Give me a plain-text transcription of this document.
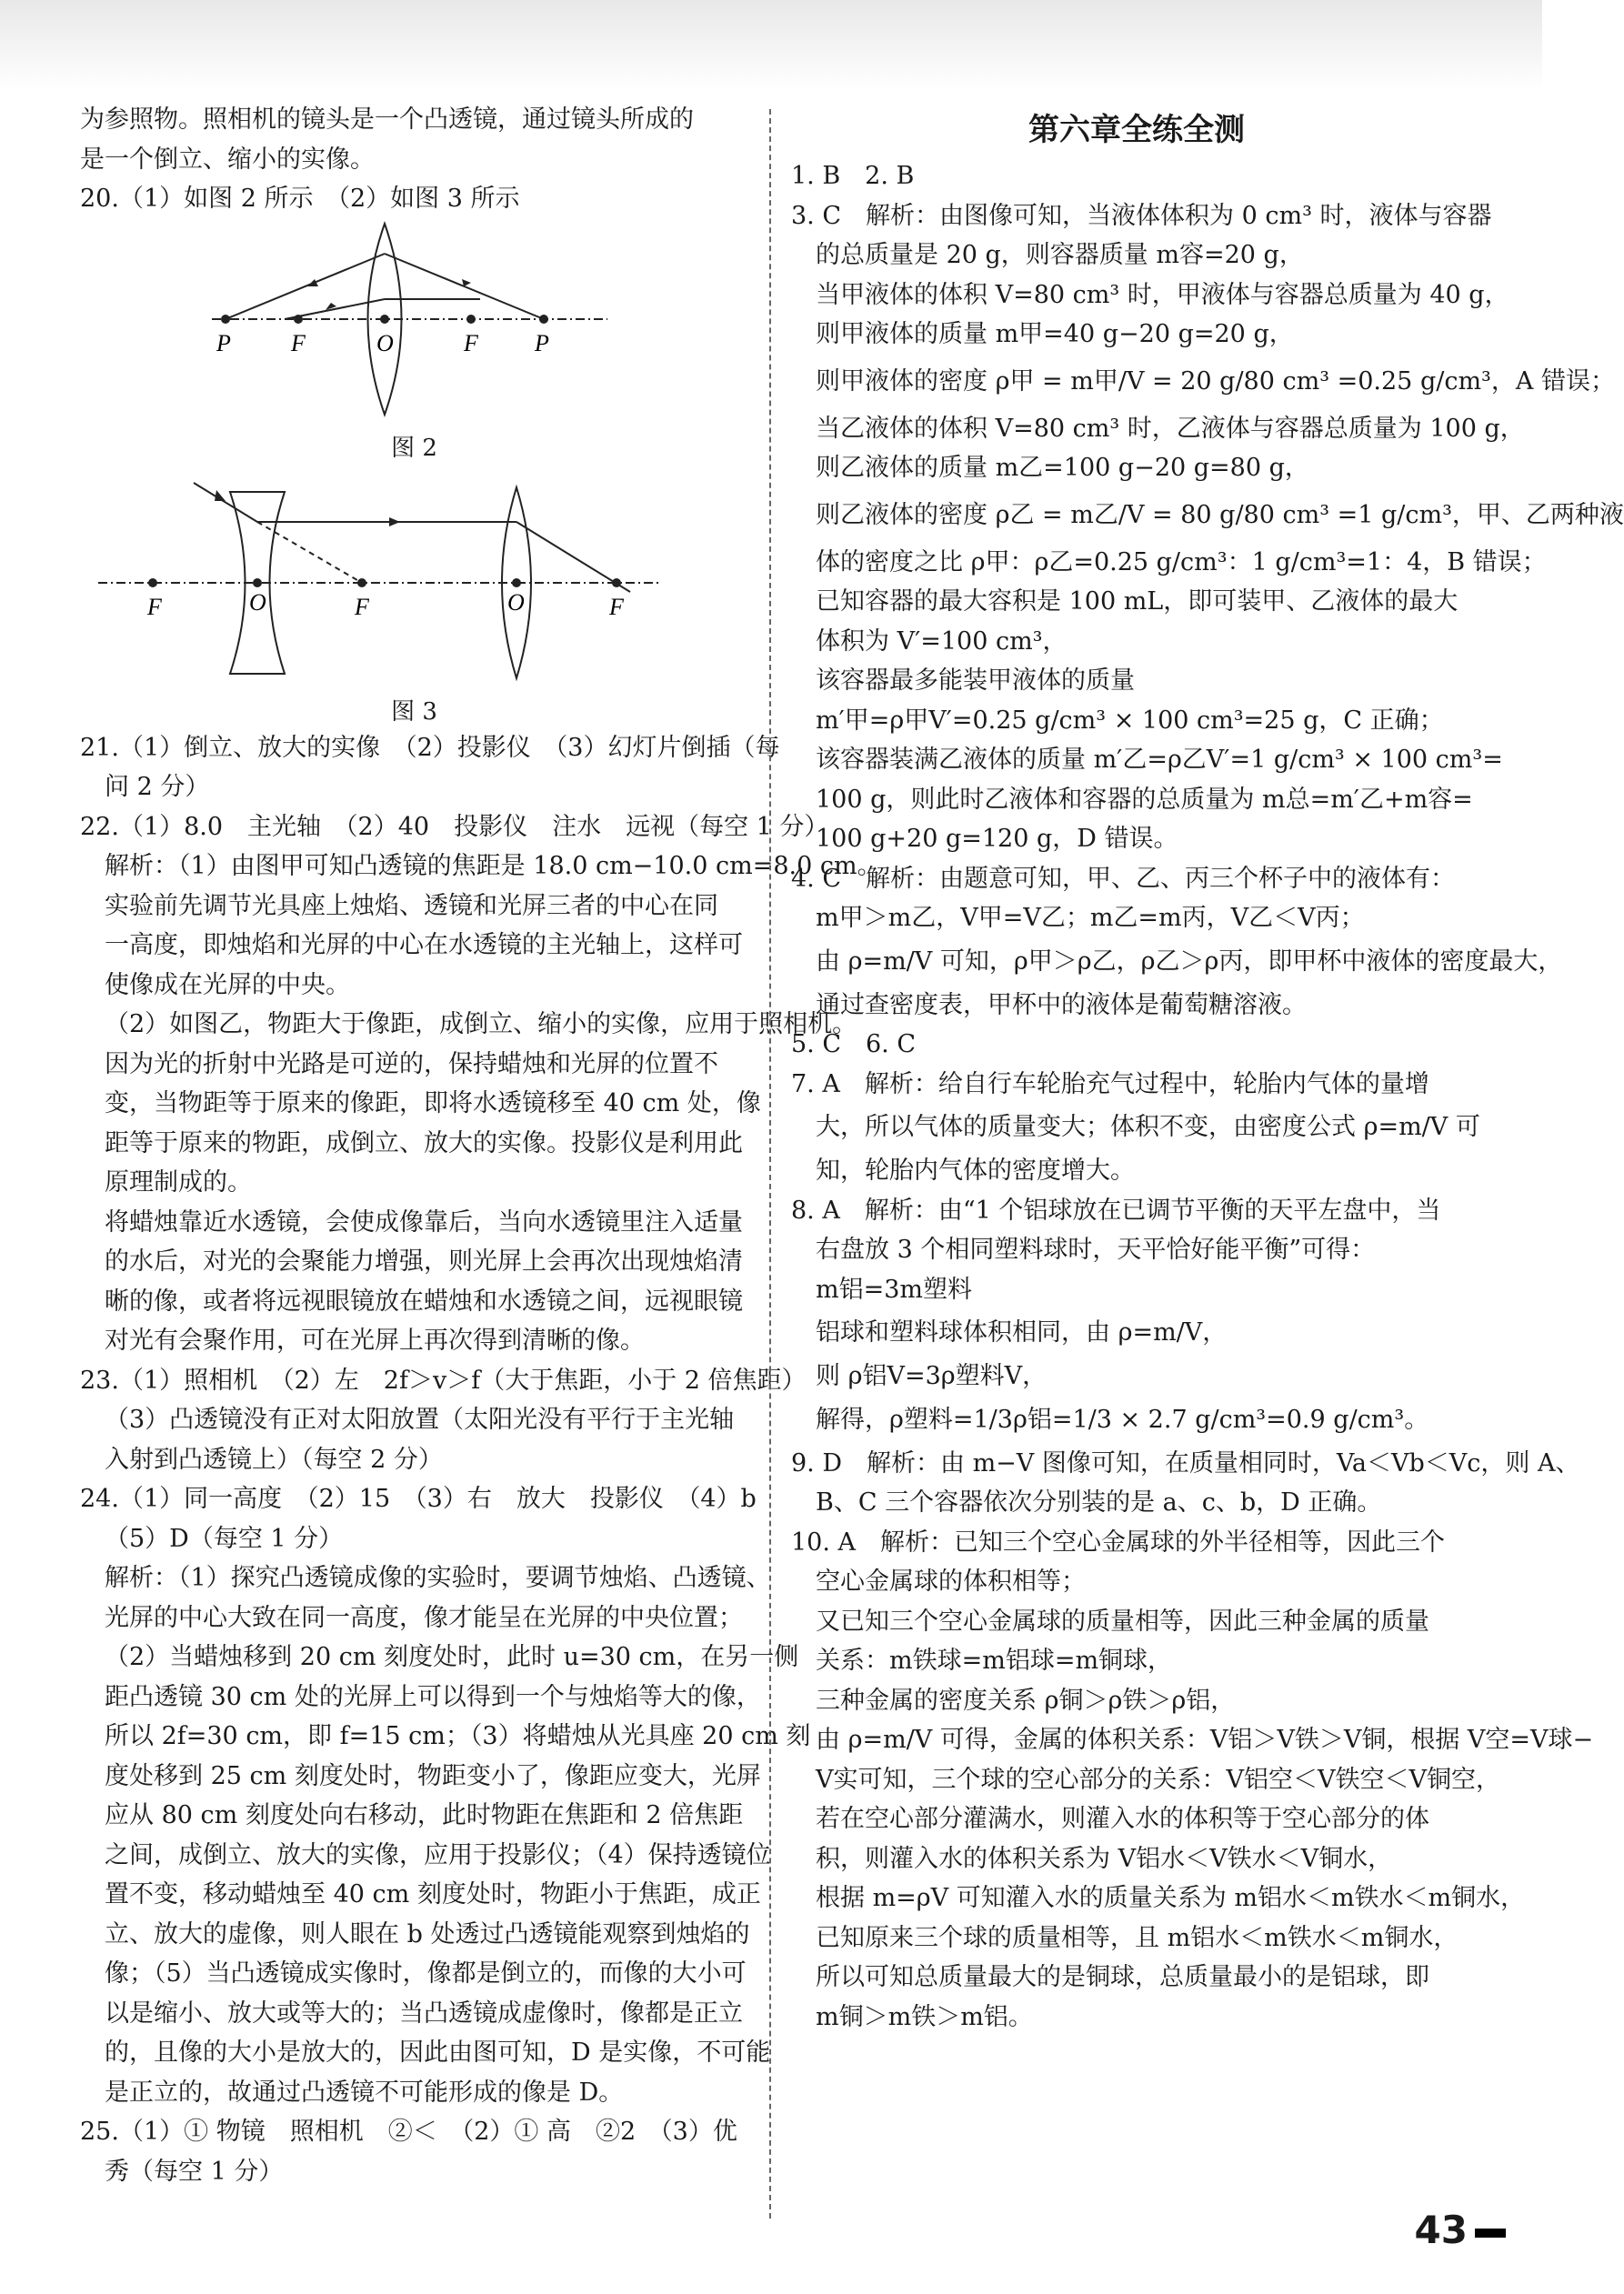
为参照物。照相机的镜头是一个凸透镜，通过镜头所成的

是一个倒立、缩小的实像。

20.（1）如图 2 所示　（2）如图 3 所示

P	F	O	F P
图 2
F	O	F	O	F
图 3

21.（1）倒立、放大的实像　（2）投影仪　（3）幻灯片倒插（每

问 2 分）

22.（1）8.0　主光轴　（2）40　投影仪　注水　远视（每空 1 分）

解析：（1）由图甲可知凸透镜的焦距是 18.0 cm−10.0 cm=8.0 cm。

实验前先调节光具座上烛焰、透镜和光屏三者的中心在同

一高度，即烛焰和光屏的中心在水透镜的主光轴上，这样可

使像成在光屏的中央。

（2）如图乙，物距大于像距，成倒立、缩小的实像，应用于照相机。

因为光的折射中光路是可逆的，保持蜡烛和光屏的位置不

变，当物距等于原来的像距，即将水透镜移至 40 cm 处，像

距等于原来的物距，成倒立、放大的实像。投影仪是利用此

原理制成的。

将蜡烛靠近水透镜，会使成像靠后，当向水透镜里注入适量

的水后，对光的会聚能力增强，则光屏上会再次出现烛焰清

晰的像，或者将远视眼镜放在蜡烛和水透镜之间，远视眼镜

对光有会聚作用，可在光屏上再次得到清晰的像。

23.（1）照相机　（2）左　2f＞v＞f（大于焦距，小于 2 倍焦距）

（3）凸透镜没有正对太阳放置（太阳光没有平行于主光轴

入射到凸透镜上）（每空 2 分）

24.（1）同一高度　（2）15　（3）右　放大　投影仪　（4）b

（5）D（每空 1 分）

解析：（1）探究凸透镜成像的实验时，要调节烛焰、凸透镜、

光屏的中心大致在同一高度，像才能呈在光屏的中央位置；

（2）当蜡烛移到 20 cm 刻度处时，此时 u=30 cm，在另一侧

距凸透镜 30 cm 处的光屏上可以得到一个与烛焰等大的像，

所以 2f=30 cm，即 f=15 cm；（3）将蜡烛从光具座 20 cm 刻

度处移到 25 cm 刻度处时，物距变小了，像距应变大，光屏

应从 80 cm 刻度处向右移动，此时物距在焦距和 2 倍焦距

之间，成倒立、放大的实像，应用于投影仪；（4）保持透镜位

置不变，移动蜡烛至 40 cm 刻度处时，物距小于焦距，成正

立、放大的虚像，则人眼在 b 处透过凸透镜能观察到烛焰的

像；（5）当凸透镜成实像时，像都是倒立的，而像的大小可

以是缩小、放大或等大的；当凸透镜成虚像时，像都是正立

的，且像的大小是放大的，因此由图可知，D 是实像，不可能

是正立的，故通过凸透镜不可能形成的像是 D。

25.（1）① 物镜　照相机　②＜　（2）① 高　②2　（3）优

秀（每空 1 分）

第六章全练全测

1. B　2. B

3. C　解析：由图像可知，当液体体积为 0 cm³ 时，液体与容器

的总质量是 20 g，则容器质量 m容=20 g，

当甲液体的体积 V=80 cm³ 时，甲液体与容器总质量为 40 g，

则甲液体的质量 m甲=40 g−20 g=20 g，

则甲液体的密度 ρ甲 = m甲/V = 20 g/80 cm³ =0.25 g/cm³，A 错误；

当乙液体的体积 V=80 cm³ 时，乙液体与容器总质量为 100 g，

则乙液体的质量 m乙=100 g−20 g=80 g，

则乙液体的密度 ρ乙 = m乙/V = 80 g/80 cm³ =1 g/cm³，甲、乙两种液

体的密度之比 ρ甲：ρ乙=0.25 g/cm³：1 g/cm³=1：4，B 错误；

已知容器的最大容积是 100 mL，即可装甲、乙液体的最大

体积为 V′=100 cm³，

该容器最多能装甲液体的质量

m′甲=ρ甲V′=0.25 g/cm³ × 100 cm³=25 g，C 正确；

该容器装满乙液体的质量 m′乙=ρ乙V′=1 g/cm³ × 100 cm³=

100 g，则此时乙液体和容器的总质量为 m总=m′乙+m容=

100 g+20 g=120 g，D 错误。

4. C　解析：由题意可知，甲、乙、丙三个杯子中的液体有：

m甲＞m乙，V甲=V乙；m乙=m丙，V乙＜V丙；

由 ρ=m/V 可知，ρ甲＞ρ乙，ρ乙＞ρ丙，即甲杯中液体的密度最大，

通过查密度表，甲杯中的液体是葡萄糖溶液。

5. C　6. C

7. A　解析：给自行车轮胎充气过程中，轮胎内气体的量增

大，所以气体的质量变大；体积不变，由密度公式 ρ=m/V 可

知，轮胎内气体的密度增大。

8. A　解析：由“1 个铝球放在已调节平衡的天平左盘中，当

右盘放 3 个相同塑料球时，天平恰好能平衡”可得：

m铝=3m塑料

铝球和塑料球体积相同，由 ρ=m/V，

则 ρ铝V=3ρ塑料V，

解得，ρ塑料=1/3ρ铝=1/3 × 2.7 g/cm³=0.9 g/cm³。

9. D　解析：由 m−V 图像可知，在质量相同时，Va＜Vb＜Vc，则 A、

B、C 三个容器依次分别装的是 a、c、b，D 正确。

10. A　解析：已知三个空心金属球的外半径相等，因此三个

空心金属球的体积相等；

又已知三个空心金属球的质量相等，因此三种金属的质量

关系：m铁球=m铝球=m铜球，

三种金属的密度关系 ρ铜＞ρ铁＞ρ铝，

由 ρ=m/V 可得，金属的体积关系：V铝＞V铁＞V铜，根据 V空=V球−

V实可知，三个球的空心部分的关系：V铝空＜V铁空＜V铜空，

若在空心部分灌满水，则灌入水的体积等于空心部分的体

积，则灌入水的体积关系为 V铝水＜V铁水＜V铜水，

根据 m=ρV 可知灌入水的质量关系为 m铝水＜m铁水＜m铜水，

已知原来三个球的质量相等，且 m铝水＜m铁水＜m铜水，

所以可知总质量最大的是铜球，总质量最小的是铝球，即

m铜＞m铁＞m铝。

43
